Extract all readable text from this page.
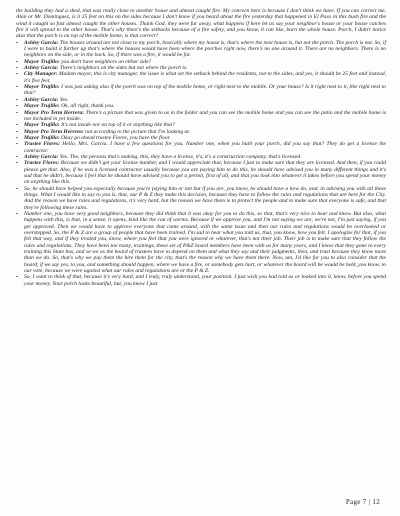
the building they had a shed, that was really close to another house and almost caught fire. My concern here is because I don't think we have. If you can correct me, Alan or Mr. Dominguez, is it 25 feet on this on the sides because I don't know if you heard about the fire yesterday that happened in El Paso in this bush fire and the wind it caught so fast almost caught the other houses. Thank God, they were far away, what happens if here let us say your neighbor's house or your house catches fire it will spread to the other house. That's why there's the setbacks because of a fire safety, and you know, it can like, burn the whole house. Porch, I didn't notice also that the porch is on top of the mobile home, is that correct?

- Ashley Garcia: The houses around are not close to my porch, basically where my house is, that's where the next house is, but not the porch. The porch is not. So, if I were to build it further up that's where the houses would have been where the porches right now, there's no one around it. There are no neighbors. There is no neighbors on the side, or in the back. So, if there was a fire, it would be far.

- Mayor Trujillo: you don't have neighbors on either side?

- Ashley Garcia: There's neighbors on the sides but not where the porch is.

- City Manager: Madam mayor, this is city manager, the issue is what set the setback behind the residents, not to the sides, and yes, it should be 25 feet and instead, it's five feet.

- Mayor Trujillo: I was just asking also if the porch was on top of the mobile home, or right next to the mobile. Or your house? Is it right next to it, like right next to that?

- Ashley Garcia: Yes.

- Mayor Trujillo: Ok, all right, thank you.

- Mayor Pro Term Herrera: There's a picture that was given to us in the folder and you can see the mobile home and you can see the patio and the mobile home is not included in yet inside.

- Mayor Trujillo: It's not inside nor on top of it or anything like that?

- Mayor Pro Term Herrera: not according to the picture that I'm looking at.

- Mayor Trujillo: Okay go ahead trustee Flores, you have the floor.

- Trustee Flores: Hello, Mrs. Garcia. I have a few questions for you. Number one, when you built your porch, did you say that? They do get a license the contractor.

- Ashley Garcia: Yes. The, the persons that's making, this, they have a license, it's, it's a construction company, that's licensed.

- Trustee Flores: Because we didn't get your license number, and I would appreciate that, because I just to make sure that they are licensed. And then, if you could please get that. Also, if he was a licensed contractor usually because you are paying him to do this, he should have advised you in many different things and it's sad that he didn't, because I feel that he should have advised you to get a permit, first of all, and that you look into whatever it takes before you spend your money on anything like this.

- So, he should have helped you especially because you're paying him or not but if you are, you know, he should have a how do, and, in advising you with all these things. What I would like to say to you is, that, our P & Z they make this decision, because they have to follow the rules and regulations that are here for the City. And the reason we have rules and regulations, it's very hard, but the reason we have them is to protect the people and to make sure that everyone is safe, and that they're following these rules.

- Number one, you have very good neighbors, because they did think that it was okay for you to do this, so that, that's very nice to hear and know. But also, what happens with this, is that, in a sense, it opens, kind like the can of worms. Because if we approve you, and I'm not saying we are, we're not, I'm just saying, if you get approved. Then we would have to approve everyone that came around, with the same issue and then our rules and regulations would be overlooked or overstepped. So, the P & Z are a group of people that have been trained. I'm sad to hear what you told us, that, you know, how you felt. I apologize for that, if you felt that way, and if they treated you, know, where you feel that you were ignored or whatever, that's not their job. Their job is to make sure that they follow the rules and regulations. They have been too many, trainings, these set of P&Z board members have been with us for many years, and I know that they gone to every training this State has, and so we as the board of trustees have to depend on them and what they say and their judgments, then, and trust because they know more than we do. So, that's why we pay them the hire them for the city, that's the reason why we have them there. Now, um, I'd like for you to also consider that the board, if we say yes, to you, and something should happen, where we have a fire, or somebody gets hurt, or whatever the board will be would be held, you know, to our vote, because we were against what our rules and regulations are or the P & Z.

- So, I want to think of that, because it's very hard, and I truly, truly understand, your position. I just wish you had told us or looked into it, know, before you spend your money. Your porch looks beautiful, but, you know I just

Page 7 | 12
